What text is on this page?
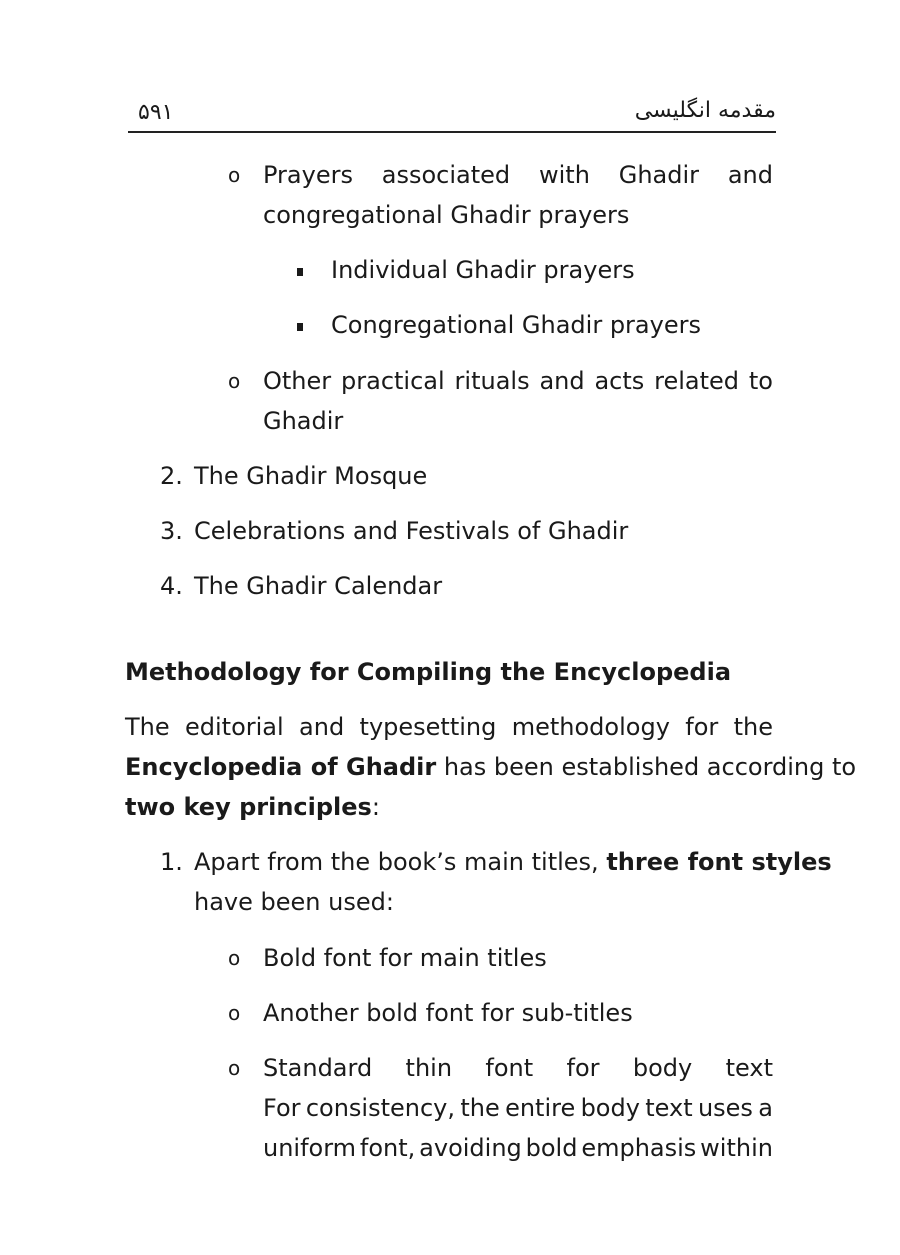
۵۹۱	مقدمه انگلیسی
o Prayers associated with Ghadir and
congregational Ghadir prayers
Individual Ghadir prayers
Congregational Ghadir prayers
o Other practical rituals and acts related to
Ghadir
2. The Ghadir Mosque
3. Celebrations and Festivals of Ghadir
4. The Ghadir Calendar
Methodology for Compiling the Encyclopedia
The editorial and typesetting methodology for the
Encyclopedia of Ghadir has been established according to
two key principles:
1. Apart from the book’s main titles, three font styles
have been used:
o Bold font for main titles
o Another bold font for sub-titles
o Standard thin font for body text
For consistency, the entire body text uses a
uniform font, avoiding bold emphasis within
